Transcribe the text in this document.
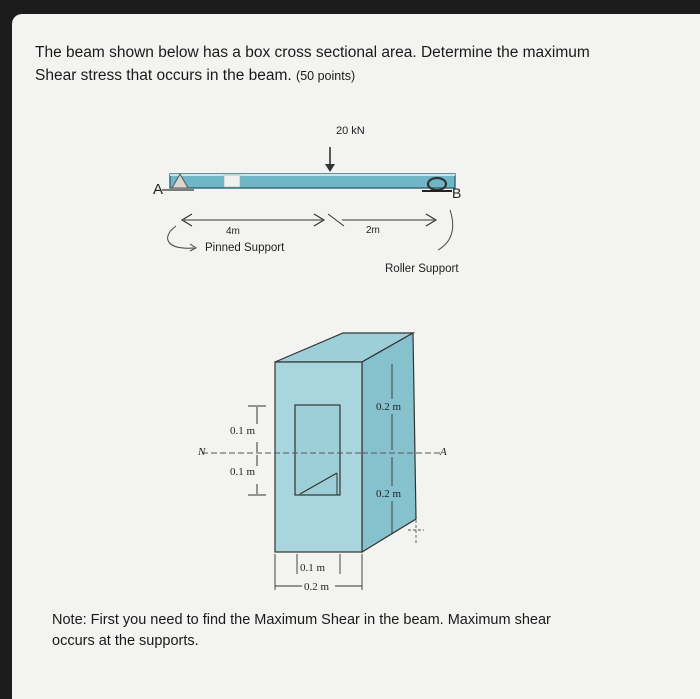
The beam shown below has a box cross sectional area. Determine the maximum
Shear stress that occurs in the beam. (50 points)
20 kN
A	B
4m	2m
Pinned Support
Roller Support
N	A
0.1 m
0.1 m
0.2 m
0.2 m
0.1 m
0.2 m
Note: First you need to find the Maximum Shear in the beam. Maximum shear
occurs at the supports.
